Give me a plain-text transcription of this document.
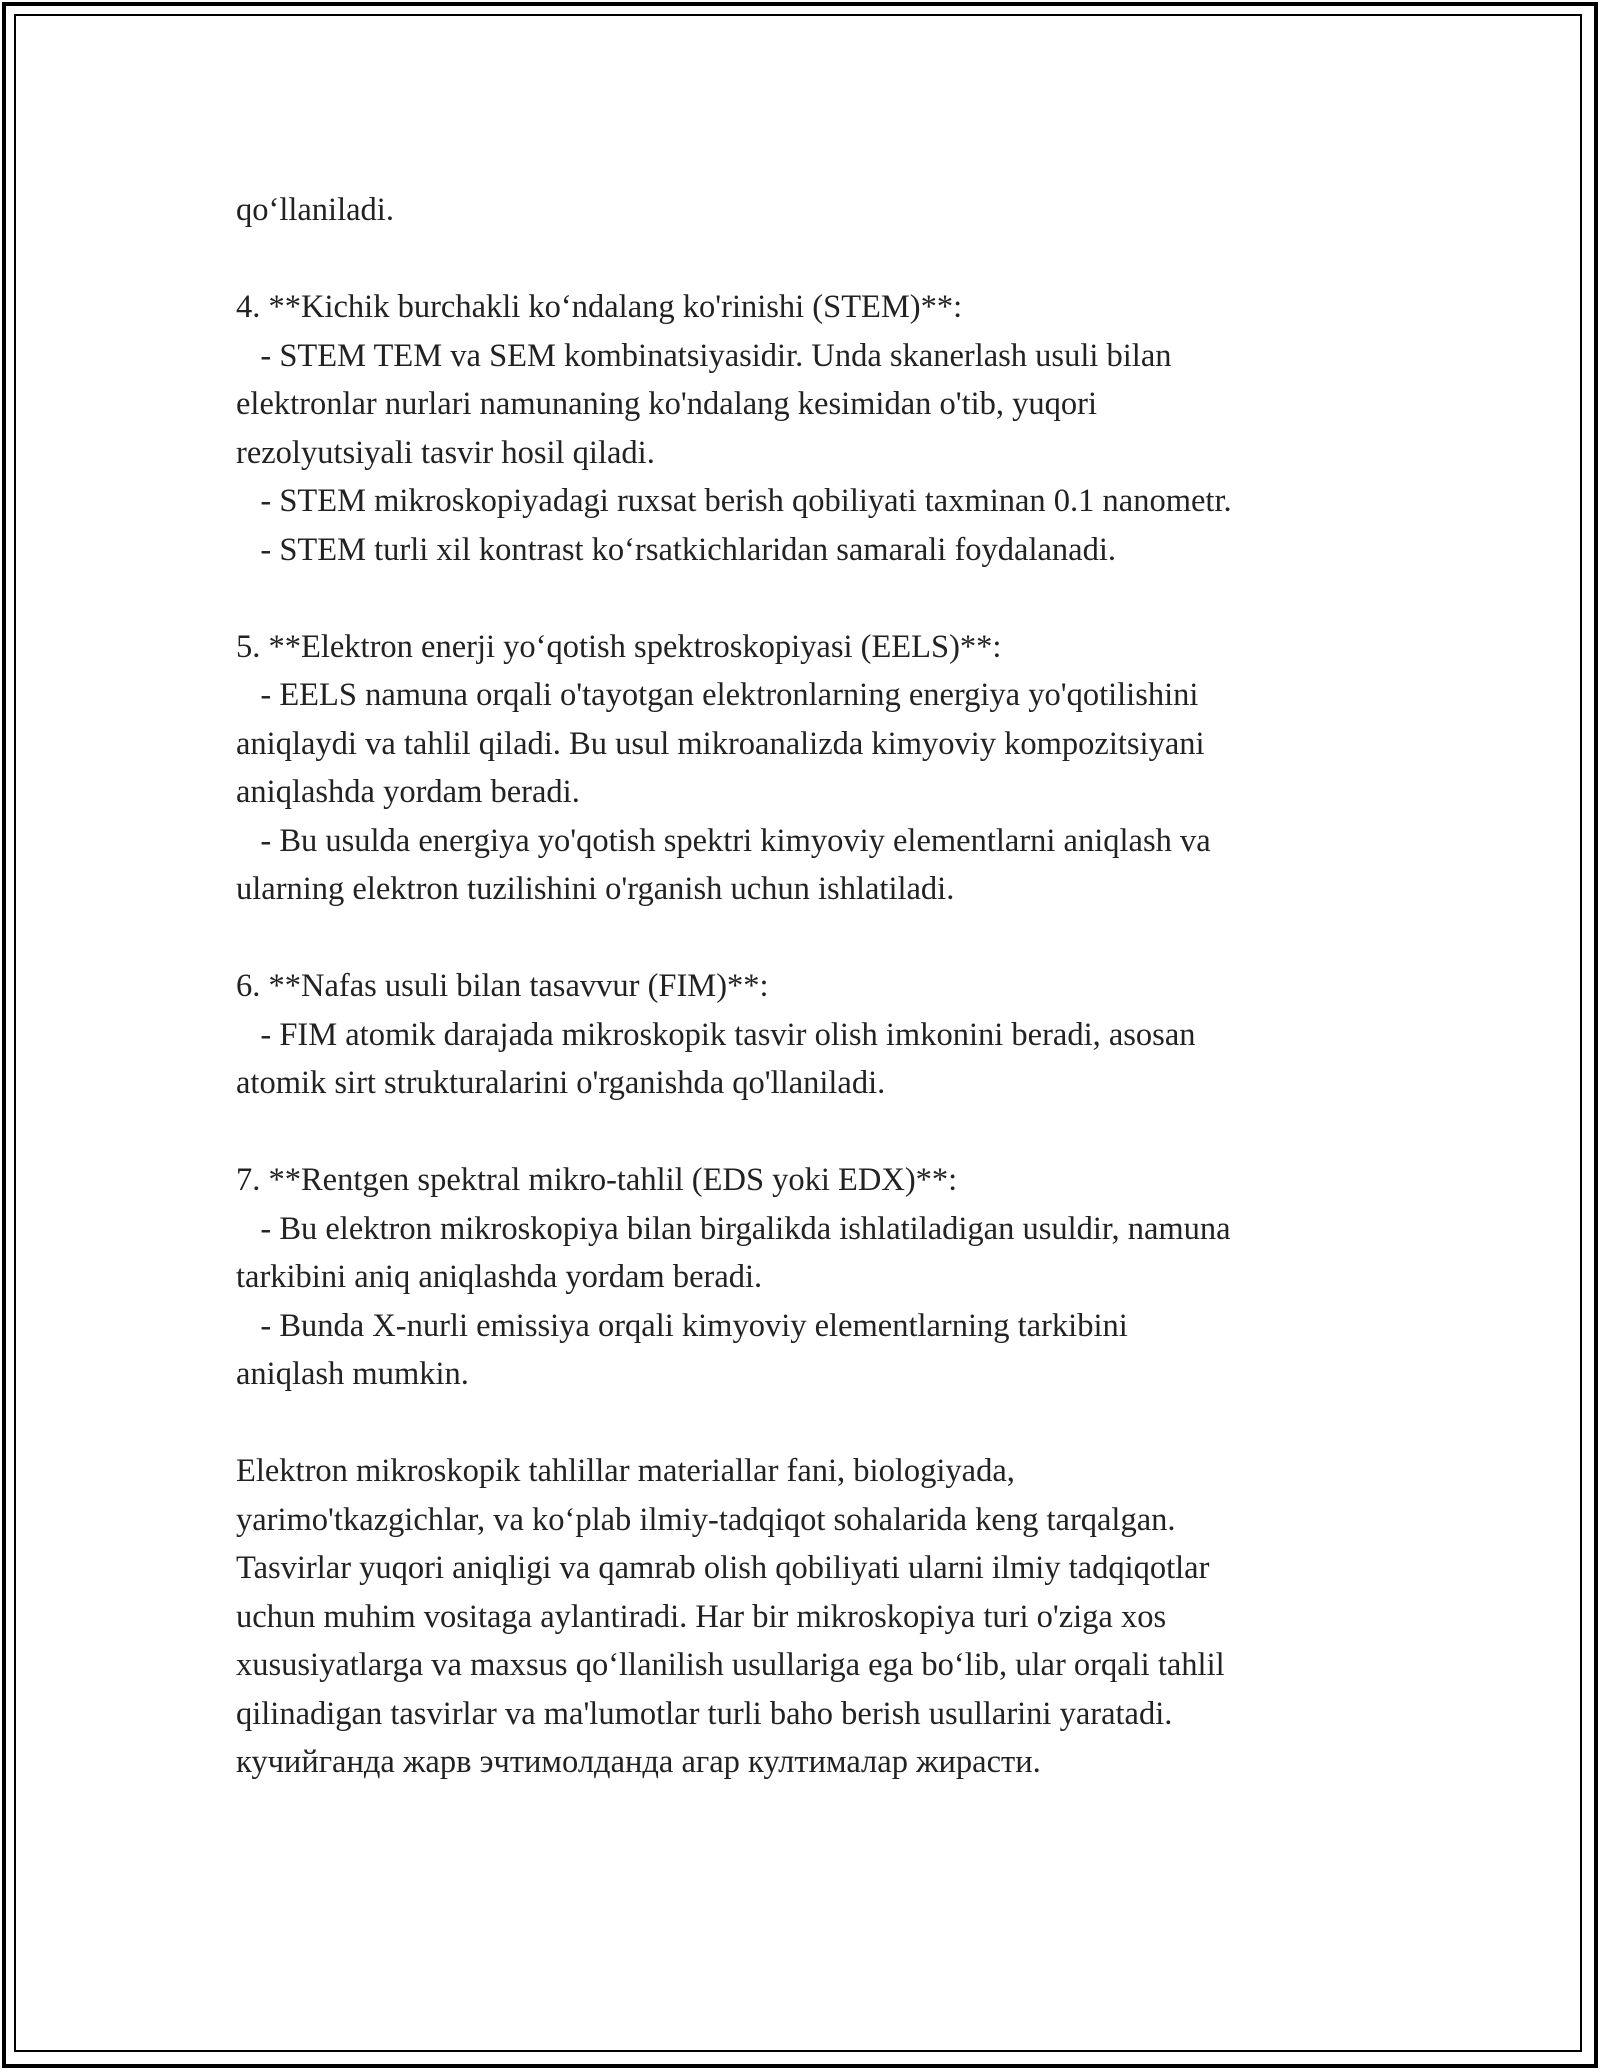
qo‘llaniladi.
4. **Kichik burchakli ko‘ndalang ko'rinishi (STEM)**:
- STEM TEM va SEM kombinatsiyasidir. Unda skanerlash usuli bilan
elektronlar nurlari namunaning ko'ndalang kesimidan o'tib, yuqori
rezolyutsiyali tasvir hosil qiladi.
- STEM mikroskopiyadagi ruxsat berish qobiliyati taxminan 0.1 nanometr.
- STEM turli xil kontrast ko‘rsatkichlaridan samarali foydalanadi.
5. **Elektron enerji yo‘qotish spektroskopiyasi (EELS)**:
- EELS namuna orqali o'tayotgan elektronlarning energiya yo'qotilishini
aniqlaydi va tahlil qiladi. Bu usul mikroanalizda kimyoviy kompozitsiyani
aniqlashda yordam beradi.
- Bu usulda energiya yo'qotish spektri kimyoviy elementlarni aniqlash va
ularning elektron tuzilishini o'rganish uchun ishlatiladi.
6. **Nafas usuli bilan tasavvur (FIM)**:
- FIM atomik darajada mikroskopik tasvir olish imkonini beradi, asosan
atomik sirt strukturalarini o'rganishda qo'llaniladi.
7. **Rentgen spektral mikro-tahlil (EDS yoki EDX)**:
- Bu elektron mikroskopiya bilan birgalikda ishlatiladigan usuldir, namuna
tarkibini aniq aniqlashda yordam beradi.
- Bunda X-nurli emissiya orqali kimyoviy elementlarning tarkibini
aniqlash mumkin.
Elektron mikroskopik tahlillar materiallar fani, biologiyada,
yarimo'tkazgichlar, va ko‘plab ilmiy-tadqiqot sohalarida keng tarqalgan.
Tasvirlar yuqori aniqligi va qamrab olish qobiliyati ularni ilmiy tadqiqotlar
uchun muhim vositaga aylantiradi. Har bir mikroskopiya turi o'ziga xos
xususiyatlarga va maxsus qo‘llanilish usullariga ega bo‘lib, ular orqali tahlil
qilinadigan tasvirlar va ma'lumotlar turli baho berish usullarini yaratadi.
кучийганда жарв эчтимолданда агар култималар жирасти.
